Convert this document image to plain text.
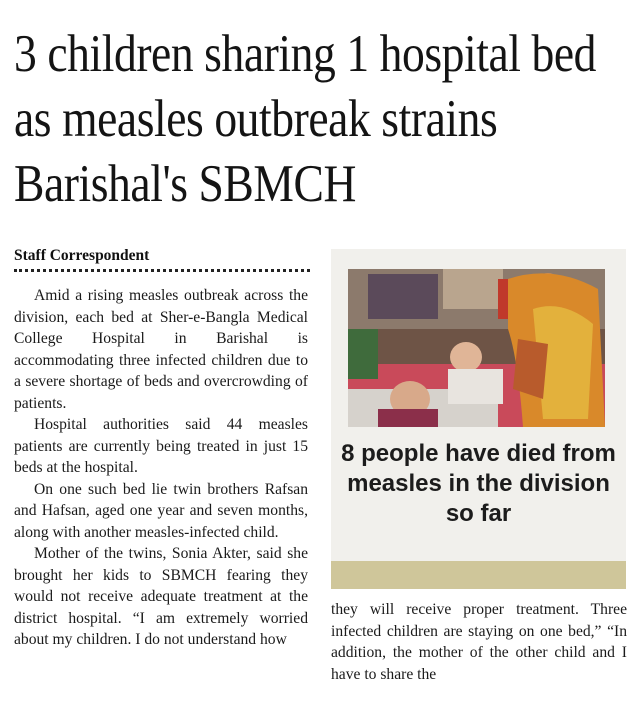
3 children sharing 1 hospital bed as measles outbreak strains Barishal's SBMCH
Staff Correspondent

Amid a rising measles outbreak across the division, each bed at Sher-e-Bangla Medical College Hospital in Barishal is accommodating three infected children due to a severe shortage of beds and overcrowding of patients.

Hospital authorities said 44 measles patients are currently being treated in just 15 beds at the hospital.

On one such bed lie twin brothers Rafsan and Hafsan, aged one year and seven months, along with another measles-infected child.

Mother of the twins, Sonia Akter, said she brought her kids to SBMCH fearing they would not receive adequate treatment at the district hospital. “I am extremely worried about my children. I do not understand how

8 people have died from measles in the division so far

they will receive proper treatment. Three infected children are staying on one bed,” “In addition, the mother of the other child and I have to share the
